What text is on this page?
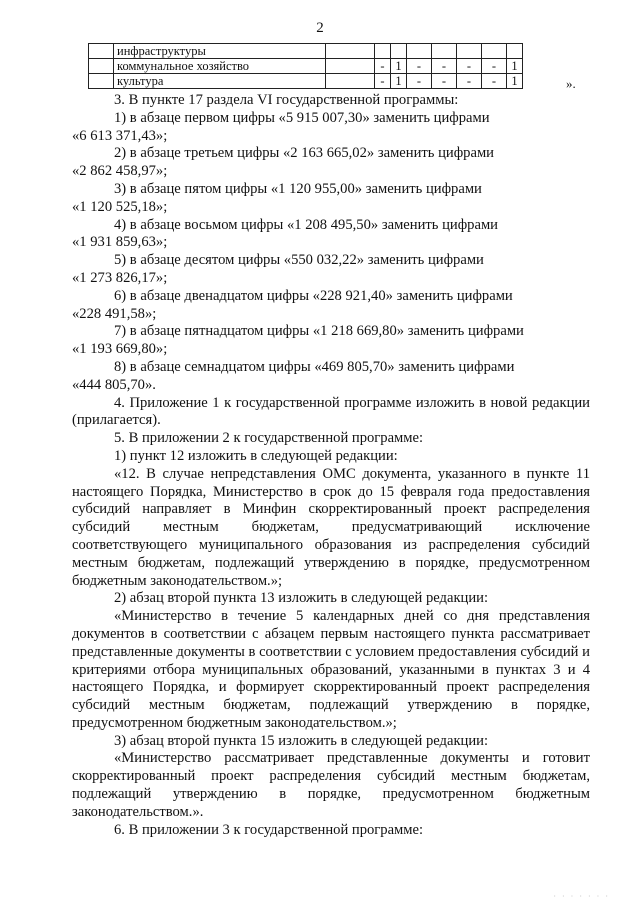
2
	инфраструктуры								
	коммунальное хозяйство		-	1	-	-	-	-	1
	культура		-	1	-	-	-	-	1	».

3. В пункте 17 раздела VI государственной программы:

1) в абзаце первом цифры «5 915 007,30» заменить цифрами

«6 613 371,43»;

2) в абзаце третьем цифры «2 163 665,02» заменить цифрами

«2 862 458,97»;

3) в абзаце пятом цифры «1 120 955,00» заменить цифрами

«1 120 525,18»;

4) в абзаце восьмом цифры «1 208 495,50» заменить цифрами

«1 931 859,63»;

5) в абзаце десятом цифры «550 032,22» заменить цифрами

«1 273 826,17»;

6) в абзаце двенадцатом цифры «228 921,40» заменить цифрами

«228 491,58»;

7) в абзаце пятнадцатом цифры «1 218 669,80» заменить цифрами

«1 193 669,80»;

8) в абзаце семнадцатом цифры «469 805,70» заменить цифрами

«444 805,70».

4. Приложение 1 к государственной программе изложить в новой редакции (прилагается).

5. В приложении 2 к государственной программе:

1) пункт 12 изложить в следующей редакции:

«12. В случае непредставления ОМС документа, указанного в пункте 11 настоящего Порядка, Министерство в срок до 15 февраля года предоставления субсидий направляет в Минфин скорректированный проект распределения субсидий местным бюджетам, предусматривающий исключение соответствующего муниципального образования из распределения субсидий местным бюджетам, подлежащий утверждению в порядке, предусмотренном бюджетным законодательством.»;

2) абзац второй пункта 13 изложить в следующей редакции:

«Министерство в течение 5 календарных дней со дня представления документов в соответствии с абзацем первым настоящего пункта рассматривает представленные документы в соответствии с условием предоставления субсидий и критериями отбора муниципальных образований, указанными в пунктах 3 и 4 настоящего Порядка, и формирует скорректированный проект распределения субсидий местным бюджетам, подлежащий утверждению в порядке, предусмотренном бюджетным законодательством.»;

3) абзац второй пункта 15 изложить в следующей редакции:

«Министерство рассматривает представленные документы и готовит скорректированный проект распределения субсидий местным бюджетам, подлежащий утверждению в порядке, предусмотренном бюджетным законодательством.».

6. В приложении 3 к государственной программе:

· · · · · · ·
